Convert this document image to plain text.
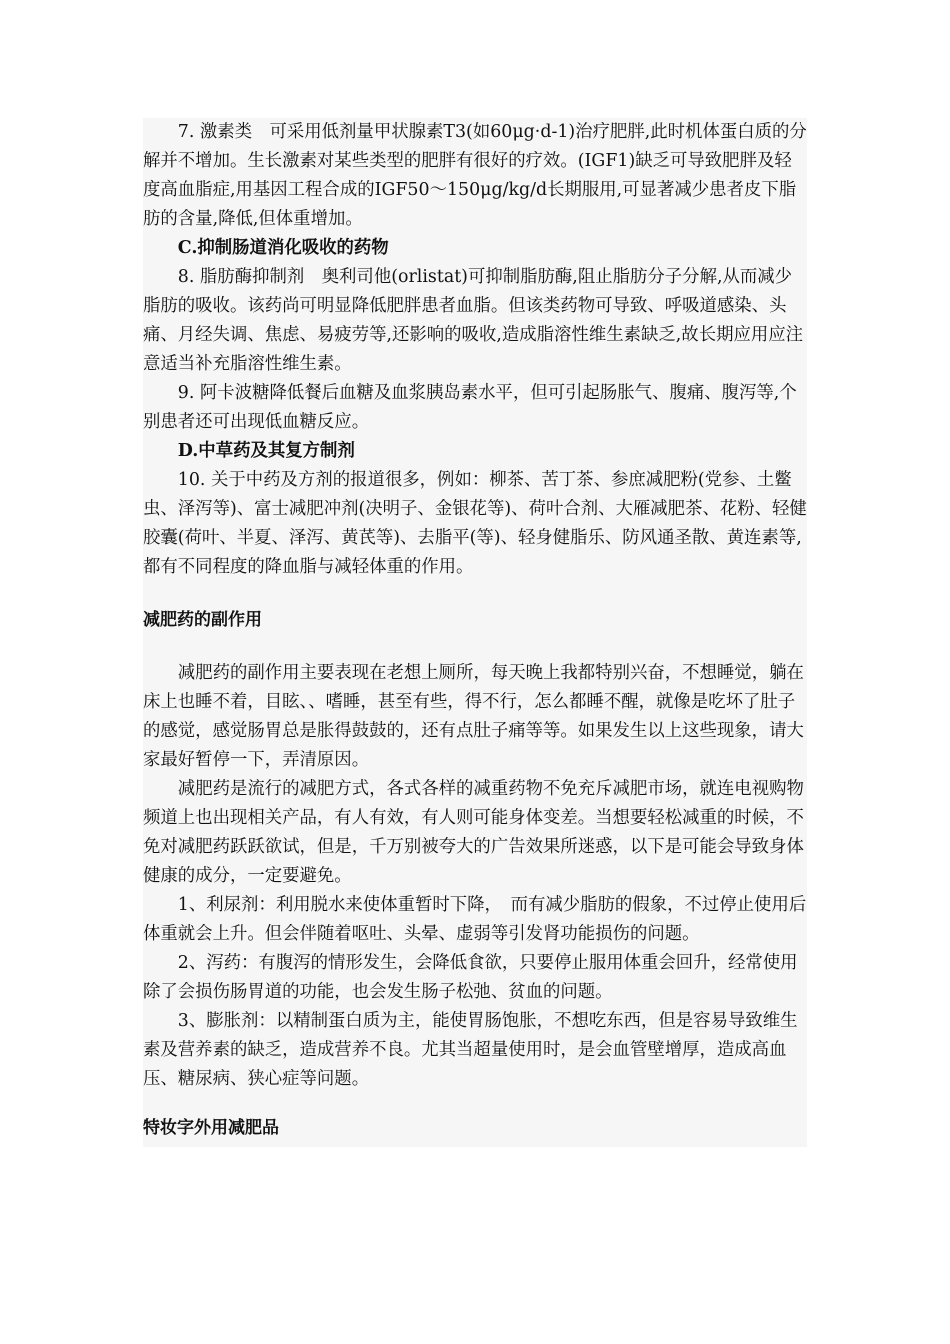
7. 激素类　可采用低剂量甲状腺素T3(如60μg·d-1)治疗肥胖,此时机体蛋白质的分解并不增加。生长激素对某些类型的肥胖有很好的疗效。(IGF1)缺乏可导致肥胖及轻度高血脂症,用基因工程合成的IGF50～150μg/kg/d长期服用,可显著减少患者皮下脂肪的含量,降低,但体重增加。

C.抑制肠道消化吸收的药物

8. 脂肪酶抑制剂　奥利司他(orlistat)可抑制脂肪酶,阻止脂肪分子分解,从而减少脂肪的吸收。该药尚可明显降低肥胖患者血脂。但该类药物可导致、呼吸道感染、头痛、月经失调、焦虑、易疲劳等,还影响的吸收,造成脂溶性维生素缺乏,故长期应用应注意适当补充脂溶性维生素。

9. 阿卡波糖降低餐后血糖及血浆胰岛素水平，但可引起肠胀气、腹痛、腹泻等,个别患者还可出现低血糖反应。

D.中草药及其复方制剂

10. 关于中药及方剂的报道很多，例如：柳茶、苦丁茶、参庶减肥粉(党参、土鳖虫、泽泻等)、富士减肥冲剂(决明子、金银花等)、荷叶合剂、大雁减肥茶、花粉、轻健胶囊(荷叶、半夏、泽泻、黄芪等)、去脂平(等)、轻身健脂乐、防风通圣散、黄连素等,都有不同程度的降血脂与减轻体重的作用。

减肥药的副作用

减肥药的副作用主要表现在老想上厕所，每天晚上我都特别兴奋，不想睡觉，躺在床上也睡不着，目眩、、嗜睡，甚至有些，得不行，怎么都睡不醒，就像是吃坏了肚子的感觉，感觉肠胃总是胀得鼓鼓的，还有点肚子痛等等。如果发生以上这些现象，请大家最好暂停一下，弄清原因。

减肥药是流行的减肥方式，各式各样的减重药物不免充斥减肥市场，就连电视购物频道上也出现相关产品，有人有效，有人则可能身体变差。当想要轻松减重的时候，不免对减肥药跃跃欲试，但是，千万别被夸大的广告效果所迷惑，以下是可能会导致身体健康的成分，一定要避免。

1、利尿剂：利用脱水来使体重暂时下降，　而有减少脂肪的假象，不过停止使用后体重就会上升。但会伴随着呕吐、头晕、虚弱等引发肾功能损伤的问题。

2、泻药：有腹泻的情形发生，会降低食欲，只要停止服用体重会回升，经常使用除了会损伤肠胃道的功能，也会发生肠子松弛、贫血的问题。

3、膨胀剂：以精制蛋白质为主，能使胃肠饱胀，不想吃东西，但是容易导致维生素及营养素的缺乏，造成营养不良。尤其当超量使用时，是会血管壁增厚，造成高血压、糖尿病、狭心症等问题。

特妆字外用减肥品
